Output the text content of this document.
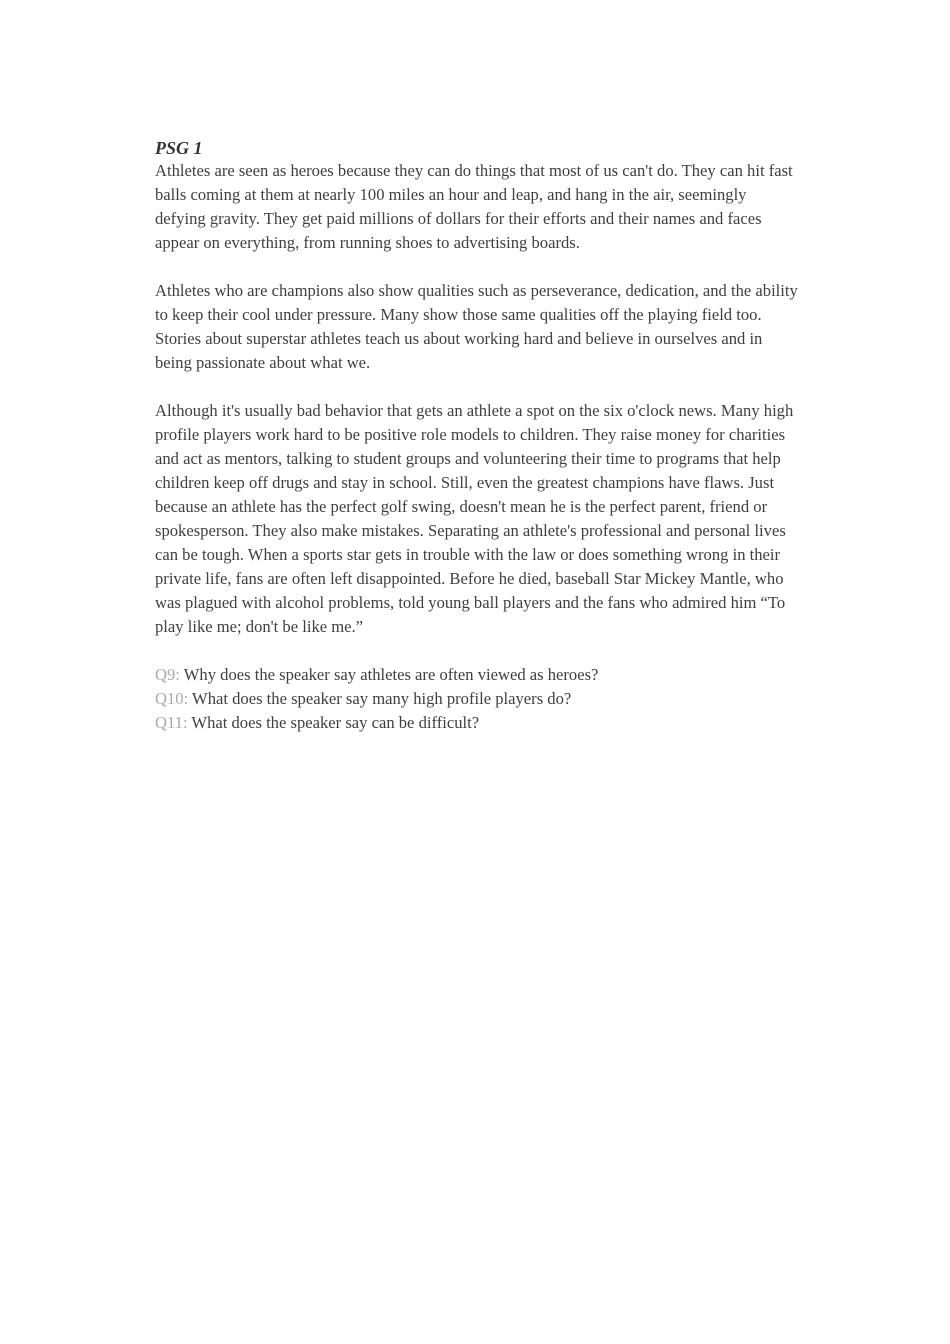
PSG 1

Athletes are seen as heroes because they can do things that most of us can't do. They can hit fast balls coming at them at nearly 100 miles an hour and leap, and hang in the air, seemingly defying gravity. They get paid millions of dollars for their efforts and their names and faces appear on everything, from running shoes to advertising boards.

Athletes who are champions also show qualities such as perseverance, dedication, and the ability to keep their cool under pressure. Many show those same qualities off the playing field too. Stories about superstar athletes teach us about working hard and believe in ourselves and in being passionate about what we.

Although it's usually bad behavior that gets an athlete a spot on the six o'clock news. Many high profile players work hard to be positive role models to children. They raise money for charities and act as mentors, talking to student groups and volunteering their time to programs that help children keep off drugs and stay in school. Still, even the greatest champions have flaws. Just because an athlete has the perfect golf swing, doesn't mean he is the perfect parent, friend or spokesperson. They also make mistakes. Separating an athlete's professional and personal lives can be tough. When a sports star gets in trouble with the law or does something wrong in their private life, fans are often left disappointed. Before he died, baseball Star Mickey Mantle, who was plagued with alcohol problems, told young ball players and the fans who admired him “To play like me; don't be like me.”

Q9: Why does the speaker say athletes are often viewed as heroes?
Q10: What does the speaker say many high profile players do?
Q11: What does the speaker say can be difficult?
